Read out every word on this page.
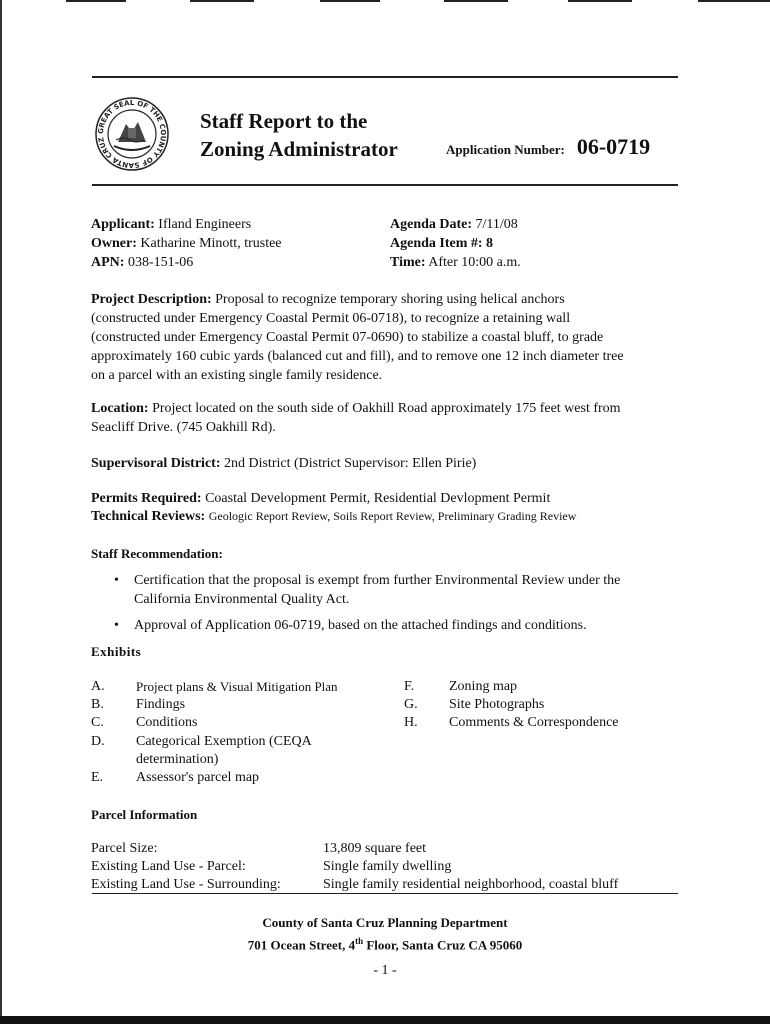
GREAT SEAL OF THE COUNTY OF SANTA CRUZ
Staff Report to the
Zoning Administrator	Application Number: 06-0719
Applicant: Ifland Engineers
Owner: Katharine Minott, trustee
APN: 038-151-06
Agenda Date: 7/11/08
Agenda Item #: 8
Time: After 10:00 a.m.
Project Description: Proposal to recognize temporary shoring using helical anchors
(constructed under Emergency Coastal Permit 06-0718), to recognize a retaining wall
(constructed under Emergency Coastal Permit 07-0690) to stabilize a coastal bluff, to grade
approximately 160 cubic yards (balanced cut and fill), and to remove one 12 inch diameter tree
on a parcel with an existing single family residence.
Location: Project located on the south side of Oakhill Road approximately 175 feet west from
Seacliff Drive. (745 Oakhill Rd).
Supervisoral District: 2nd District (District Supervisor: Ellen Pirie)
Permits Required: Coastal Development Permit, Residential Devlopment Permit
Technical Reviews: Geologic Report Review, Soils Report Review, Preliminary Grading Review
Staff Recommendation:
• Certification that the proposal is exempt from further Environmental Review under the
California Environmental Quality Act.
• Approval of Application 06-0719, based on the attached findings and conditions.
Exhibits
A. Project plans & Visual Mitigation Plan
B. Findings
C. Conditions
D. Categorical Exemption (CEQA
determination)
E. Assessor's parcel map
F. Zoning map
G. Site Photographs
H. Comments & Correspondence
Parcel Information
Parcel Size:	13,809 square feet
Existing Land Use - Parcel:	Single family dwelling
Existing Land Use - Surrounding:	Single family residential neighborhood, coastal bluff
County of Santa Cruz Planning Department
701 Ocean Street, 4th Floor, Santa Cruz CA 95060
- 1 -
